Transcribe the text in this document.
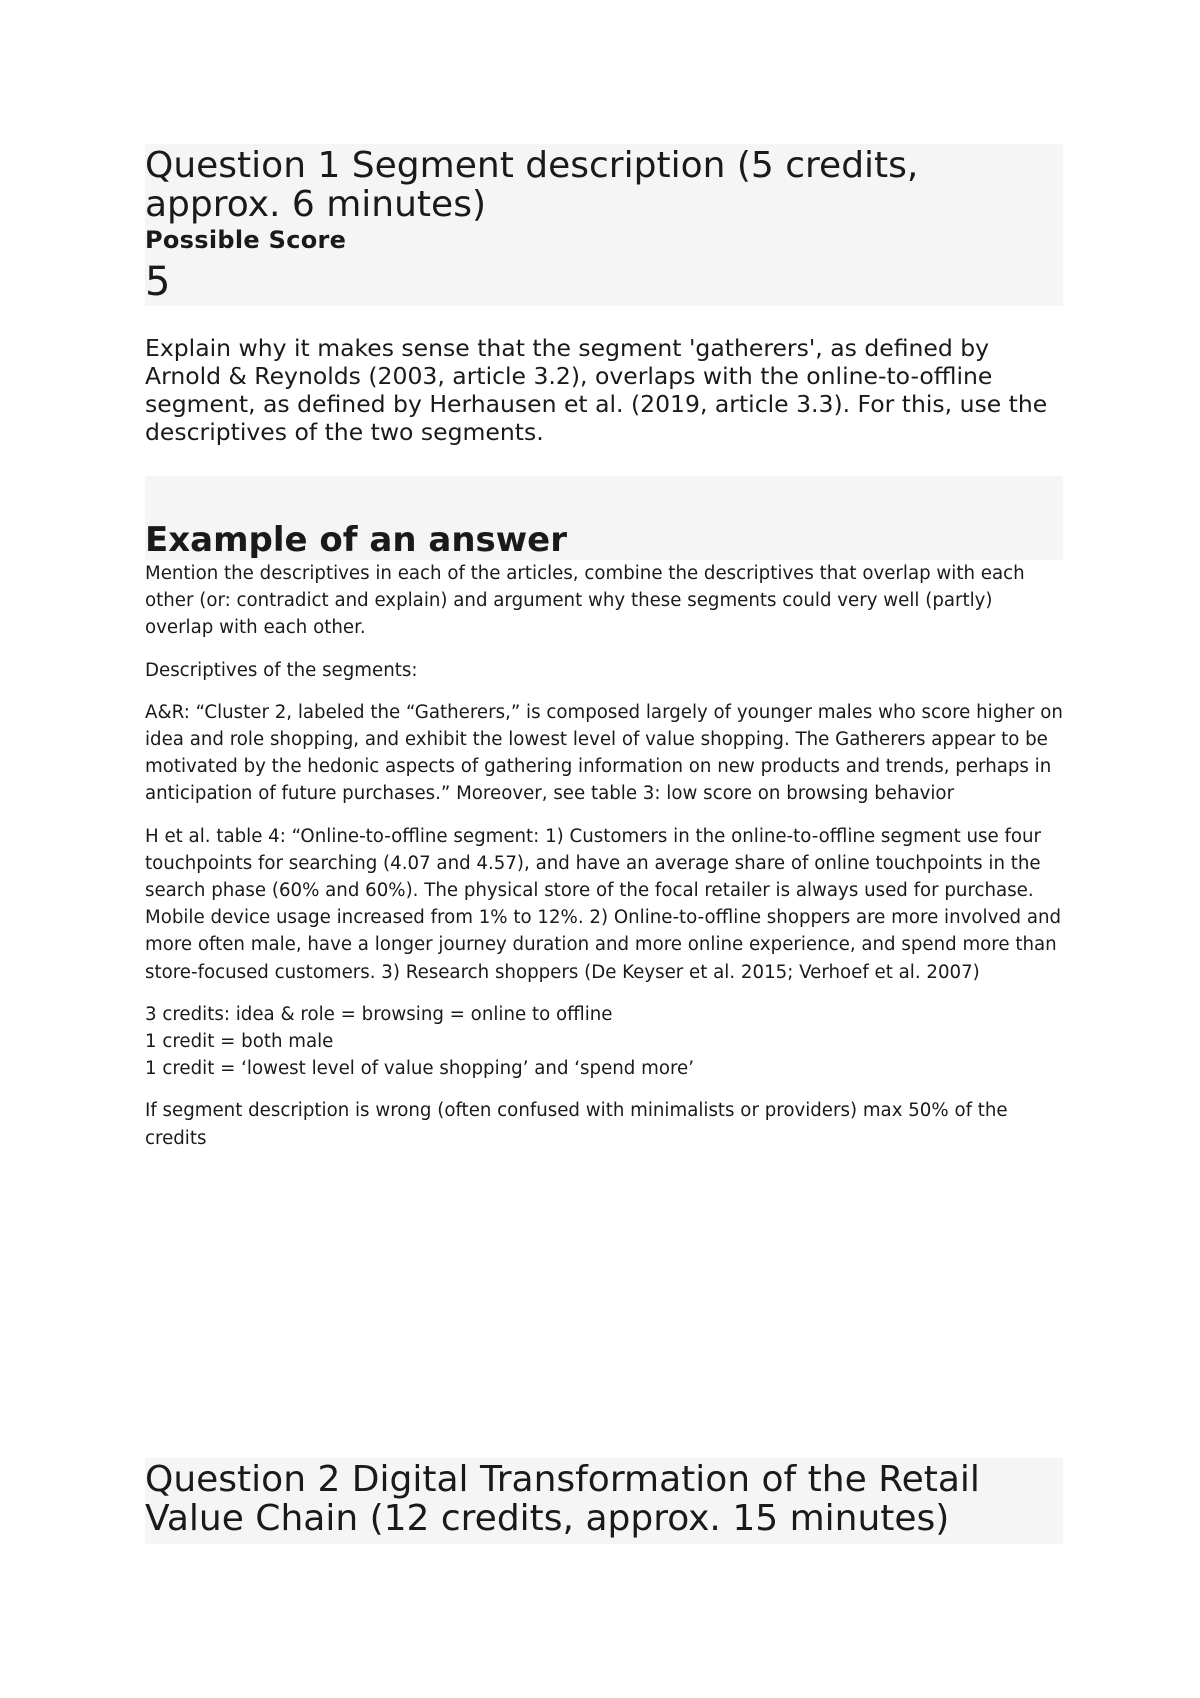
Question 1 Segment description (5 credits, approx. 6 minutes)
Possible Score
5

Explain why it makes sense that the segment 'gatherers', as defined by Arnold & Reynolds (2003, article 3.2), overlaps with the online-to-offline segment, as defined by Herhausen et al. (2019, article 3.3). For this, use the descriptives of the two segments.

Example of an answer

Mention the descriptives in each of the articles, combine the descriptives that overlap with each other (or: contradict and explain) and argument why these segments could very well (partly) overlap with each other.

Descriptives of the segments:

A&R: “Cluster 2, labeled the “Gatherers,” is composed largely of younger males who score higher on idea and role shopping, and exhibit the lowest level of value shopping. The Gatherers appear to be motivated by the hedonic aspects of gathering information on new products and trends, perhaps in anticipation of future purchases.” Moreover, see table 3: low score on browsing behavior

H et al. table 4: “Online-to-offline segment: 1) Customers in the online-to-offline segment use four touchpoints for searching (4.07 and 4.57), and have an average share of online touchpoints in the search phase (60% and 60%). The physical store of the focal retailer is always used for purchase. Mobile device usage increased from 1% to 12%. 2) Online-to-offline shoppers are more involved and more often male, have a longer journey duration and more online experience, and spend more than store-focused customers. 3) Research shoppers (De Keyser et al. 2015; Verhoef et al. 2007)

3 credits: idea & role = browsing = online to offline

1 credit = both male

1 credit = ‘lowest level of value shopping’ and ‘spend more’

If segment description is wrong (often confused with minimalists or providers) max 50% of the credits

Question 2 Digital Transformation of the Retail Value Chain (12 credits, approx. 15 minutes)
